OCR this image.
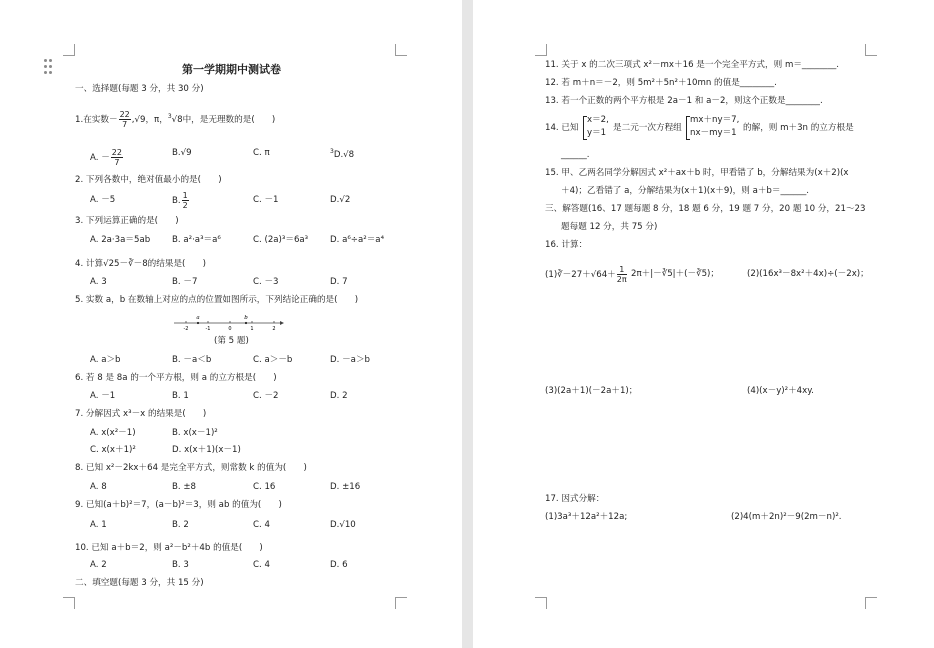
第一学期期中测试卷
一、选择题(每题 3 分，共 30 分)
1.在实数－ $\frac{22}{7} ,√9$，π，$^3$√8中，是无理数的是(　　)
A. － $\frac{22}{7}$	B.√9	C. π	$^3$D.√8
2. 下列各数中，绝对值最小的是(　　)
A. －5	B. $\frac{1}{2}$	C. －1	D.√2
3. 下列运算正确的是(　　)
A. 2a·3a＝5ab	B. a²·a³＝a⁶	C. (2a)³＝6a³	D. a⁶÷a²＝a⁴
4. 计算√25－∛－8的结果是(　　)
A. 3	B. －7	C. －3	D. 7
5. 实数 a，b 在数轴上对应的点的位置如图所示，下列结论正确的是(　　)
-2	-1	0	1	2
a	b
(第 5 题)
A. a＞b	B. －a＜b	C. a＞－b	D. －a＞b
6. 若 8 是 8a 的一个平方根，则 a 的立方根是(　　)
A. －1	B. 1	C. －2	D. 2
7. 分解因式 x³－x 的结果是(　　)
A. x(x²－1)	B. x(x－1)²
C. x(x＋1)²	D. x(x＋1)(x－1)
8. 已知 x²－2kx＋64 是完全平方式，则常数 k 的值为(　　)
A. 8	B. ±8	C. 16	D. ±16
9. 已知(a＋b)²＝7，(a－b)²＝3，则 ab 的值为(　　)
A. 1	B. 2	C. 4	D.√10
10. 已知 a＋b＝2，则 a²－b²＋4b 的值是(　　)
A. 2	B. 3	C. 4	D. 6
二、填空题(每题 3 分，共 15 分)
11. 关于 x 的二次三项式 x²－mx＋16 是一个完全平方式，则 m＝________.
12. 若 m＋n＝－2，则 5m²＋5n²＋10mn 的值是________.
13. 若一个正数的两个平方根是 2a－1 和 a－2，则这个正数是________.
14. 已知
x＝2,
y＝1 是二元一次方程组
mx＋ny＝7,
nx－my＝1 的解，则 m＋3n 的立方根是
______.
15. 甲、乙两名同学分解因式 x²＋ax＋b 时，甲看错了 b，分解结果为(x＋2)(x
＋4)；乙看错了 a，分解结果为(x＋1)(x＋9)，则 a＋b＝______.
三、解答题(16、17 题每题 8 分，18 题 6 分，19 题 7 分，20 题 10 分，21～23
题每题 12 分，共 75 分)
16. 计算：
(1)∛－27＋√64＋ $\frac{1}{2\pi}$ 2π＋|－∛5|＋(－∛5)；	(2)(16x³－8x²＋4x)÷(－2x)；
(3)(2a＋1)(－2a＋1)；	(4)(x－y)²＋4xy.
17. 因式分解：
(1)3a³＋12a²＋12a;	(2)4(m＋2n)²－9(2m－n)².
